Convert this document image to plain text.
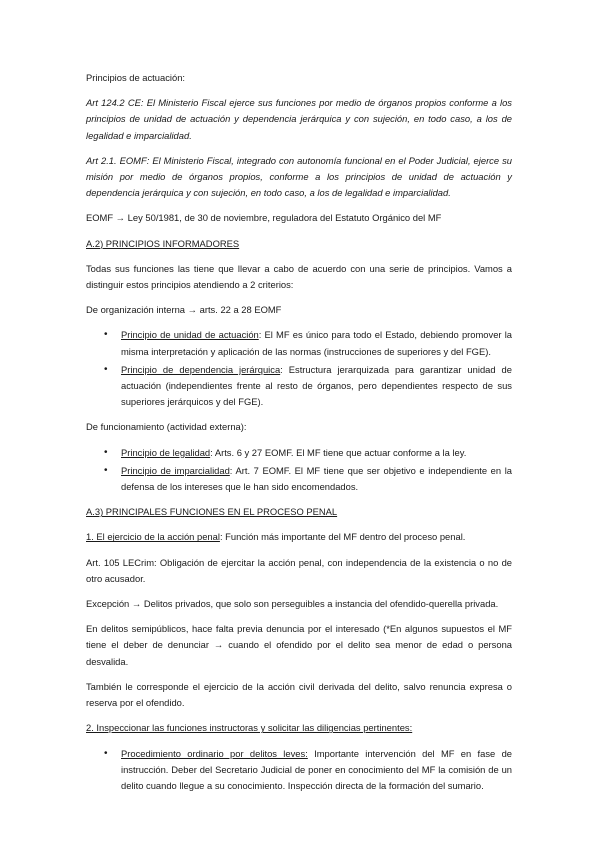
Principios de actuación:

Art 124.2 CE: El Ministerio Fiscal ejerce sus funciones por medio de órganos propios conforme a los principios de unidad de actuación y dependencia jerárquica y con sujeción, en todo caso, a los de legalidad e imparcialidad.

Art 2.1. EOMF: El Ministerio Fiscal, integrado con autonomía funcional en el Poder Judicial, ejerce su misión por medio de órganos propios, conforme a los principios de unidad de actuación y dependencia jerárquica y con sujeción, en todo caso, a los de legalidad e imparcialidad.

EOMF → Ley 50/1981, de 30 de noviembre, reguladora del Estatuto Orgánico del MF

A.2) PRINCIPIOS INFORMADORES

Todas sus funciones las tiene que llevar a cabo de acuerdo con una serie de principios. Vamos a distinguir estos principios atendiendo a 2 criterios:

De organización interna → arts. 22 a 28 EOMF

• Principio de unidad de actuación: El MF es único para todo el Estado, debiendo promover la misma interpretación y aplicación de las normas (instrucciones de superiores y del FGE).
• Principio de dependencia jerárquica: Estructura jerarquizada para garantizar unidad de actuación (independientes frente al resto de órganos, pero dependientes respecto de sus superiores jerárquicos y del FGE).

De funcionamiento (actividad externa):

• Principio de legalidad: Arts. 6 y 27 EOMF. El MF tiene que actuar conforme a la ley.
• Principio de imparcialidad: Art. 7 EOMF. El MF tiene que ser objetivo e independiente en la defensa de los intereses que le han sido encomendados.

A.3) PRINCIPALES FUNCIONES EN EL PROCESO PENAL

1. El ejercicio de la acción penal: Función más importante del MF dentro del proceso penal.

Art. 105 LECrim: Obligación de ejercitar la acción penal, con independencia de la existencia o no de otro acusador.

Excepción → Delitos privados, que solo son perseguibles a instancia del ofendido-querella privada.

En delitos semipúblicos, hace falta previa denuncia por el interesado (*En algunos supuestos el MF tiene el deber de denunciar → cuando el ofendido por el delito sea menor de edad o persona desvalida.

También le corresponde el ejercicio de la acción civil derivada del delito, salvo renuncia expresa o reserva por el ofendido.

2. Inspeccionar las funciones instructoras y solicitar las diligencias pertinentes:

• Procedimiento ordinario por delitos leves: Importante intervención del MF en fase de instrucción. Deber del Secretario Judicial de poner en conocimiento del MF la comisión de un delito cuando llegue a su conocimiento. Inspección directa de la formación del sumario.
